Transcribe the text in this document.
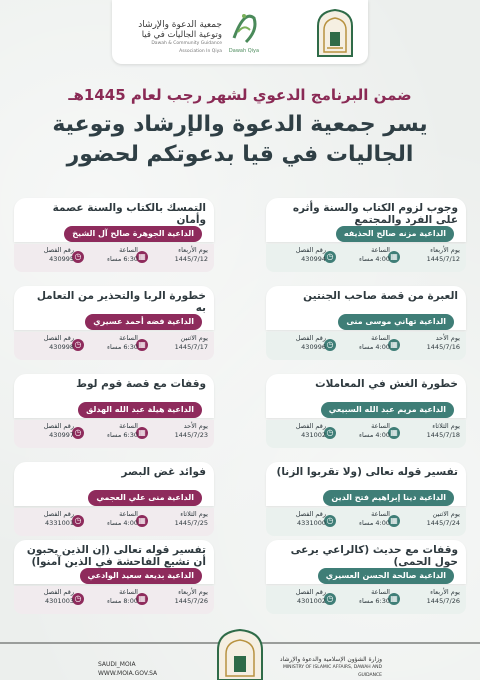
Dawah Qiya
جمعية الدعوة والإرشاد
وتوعية الجاليات في قيا
Dawah & Community Guidance Association In Qiya
ضمن البرنامج الدعوي لشهر رجب لعام 1445هـ
يسر جمعية الدعوة والإرشاد وتوعية
الجاليات في قيا بدعوتكم لحضور
وجوب لزوم الكتاب والسنة وأثره على الفرد والمجتمع
الداعية مزنه صالح الحذيفه
▦
يوم الأربعاء
1445/7/12
◷
الساعة
4:00 مساء
رقم الفصل
430994
التمسك بالكتاب والسنة عصمة وأمان
الداعية الجوهرة صالح آل الشيخ
▦
يوم الأربعاء
1445/7/12
◷
الساعة
6:30 مساء
رقم الفصل
430995
العبرة من قصة صاحب الجنتين
الداعية تهاني موسى منى
▦
يوم الأحد
1445/7/16
◷
الساعة
4:00 مساء
رقم الفصل
430996
خطورة الربا والتحذير من التعامل به
الداعية فضه أحمد عسيري
▦
يوم الاثنين
1445/7/17
◷
الساعة
6:30 مساء
رقم الفصل
430998
خطورة الغش في المعاملات
الداعية مريم عبد الله السبيعي
▦
يوم الثلاثاء
1445/7/18
◷
الساعة
4:00 مساء
رقم الفصل
431002
وقفات مع قصة قوم لوط
الداعية هيلة عبد الله الهدلق
▦
يوم الأحد
1445/7/23
◷
الساعة
6:30 مساء
رقم الفصل
430997
تفسير قوله تعالى (ولا تقربوا الزنا)
الداعية دينا إبراهيم فتح الدين
▦
يوم الاثنين
1445/7/24
◷
الساعة
4:00 مساء
رقم الفصل
4331000
فوائد غض البصر
الداعية منى علي العجمي
▦
يوم الثلاثاء
1445/7/25
◷
الساعة
4:00 مساء
رقم الفصل
4331001
وقفات مع حديث (كالراعي يرعى حول الحمى)
الداعية صالحة الحسن العسيري
▦
يوم الأربعاء
1445/7/26
◷
الساعة
6:30 مساء
رقم الفصل
4301002
تفسير قوله تعالى (إن الذين يحبون أن تشيع الفاحشة في الذين آمنوا)
الداعية بديعة سعيد الوادعي
▦
يوم الأربعاء
1445/7/26
◷
الساعة
8:00 مساء
رقم الفصل
4301003
SAUDI_MOIA
WWW.MOIA.GOV.SA
وزارة الشؤون الإسلامية والدعوة والإرشاد
MINISTRY OF ISLAMIC AFFAIRS, DAWAH AND GUIDANCE
